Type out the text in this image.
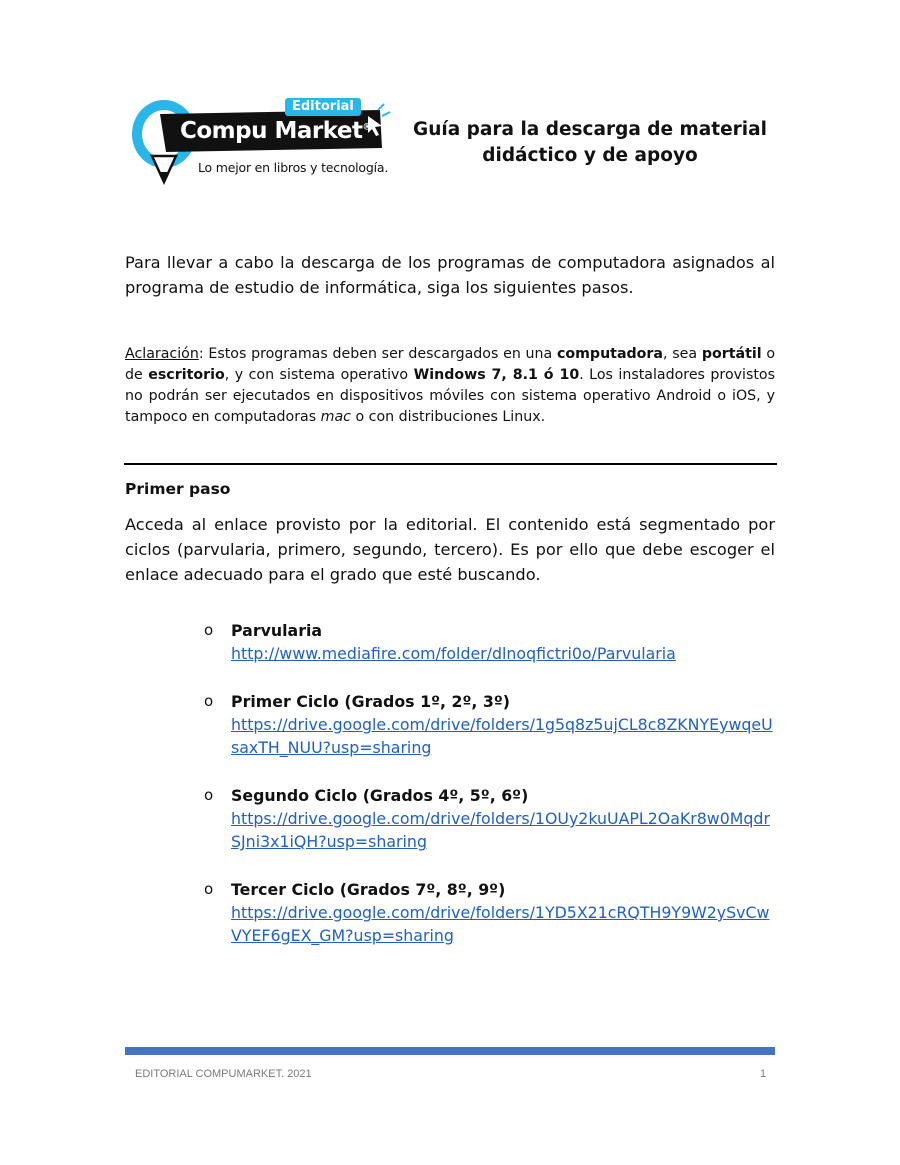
Editorial
Compu Market®
Lo mejor en libros y tecnología.
Guía para la descarga de material didáctico y de apoyo

Para llevar a cabo la descarga de los programas de computadora asignados al programa de estudio de informática, siga los siguientes pasos.

Aclaración: Estos programas deben ser descargados en una computadora, sea portátil o de escritorio, y con sistema operativo Windows 7, 8.1 ó 10. Los instaladores provistos no podrán ser ejecutados en dispositivos móviles con sistema operativo Android o iOS, y tampoco en computadoras mac o con distribuciones Linux.

Primer paso

Acceda al enlace provisto por la editorial. El contenido está segmentado por ciclos (parvularia, primero, segundo, tercero). Es por ello que debe escoger el enlace adecuado para el grado que esté buscando.

o Parvularia
http://www.mediafire.com/folder/dlnoqfictri0o/Parvularia
o Primer Ciclo (Grados 1º, 2º, 3º)
https://drive.google.com/drive/folders/1g5q8z5ujCL8c8ZKNYEywqeUsaxTH_NUU?usp=sharing
o Segundo Ciclo (Grados 4º, 5º, 6º)
https://drive.google.com/drive/folders/1OUy2kuUAPL2OaKr8w0MqdrSJni3x1iQH?usp=sharing
o Tercer Ciclo (Grados 7º, 8º, 9º)
https://drive.google.com/drive/folders/1YD5X21cRQTH9Y9W2ySvCwVYEF6gEX_GM?usp=sharing
EDITORIAL COMPUMARKET. 2021	1
